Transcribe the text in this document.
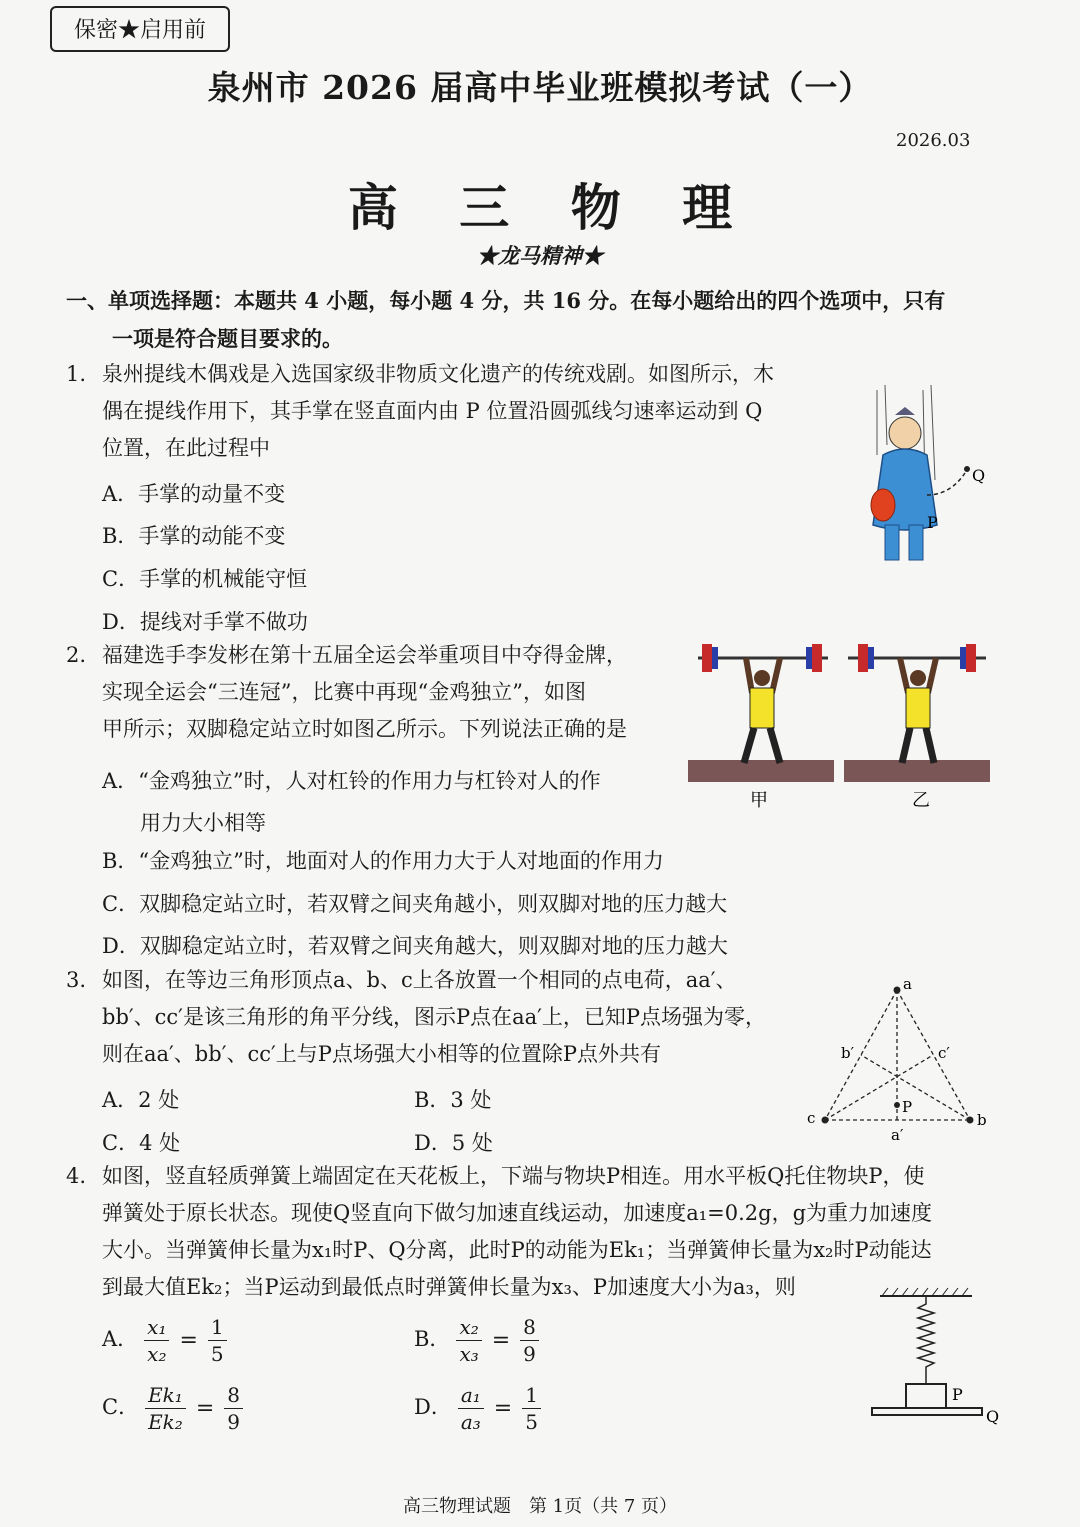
保密★启用前
泉州市 2026 届高中毕业班模拟考试（一）
2026.03
高 三 物 理
★龙马精神★
一、单项选择题：本题共 4 小题，每小题 4 分，共 16 分。在每小题给出的四个选项中，只有
一项是符合题目要求的。
1. 泉州提线木偶戏是入选国家级非物质文化遗产的传统戏剧。如图所示，木
偶在提线作用下，其手掌在竖直面内由 P 位置沿圆弧线匀速率运动到 Q
位置，在此过程中
A．手掌的动量不变
B．手掌的动能不变
C．手掌的机械能守恒
D．提线对手掌不做功
Q
P
2. 福建选手李发彬在第十五届全运会举重项目中夺得金牌，
实现全运会“三连冠”，比赛中再现“金鸡独立”，如图
甲所示；双脚稳定站立时如图乙所示。下列说法正确的是
A．“金鸡独立”时，人对杠铃的作用力与杠铃对人的作
用力大小相等
B．“金鸡独立”时，地面对人的作用力大于人对地面的作用力
C．双脚稳定站立时，若双臂之间夹角越小，则双脚对地的压力越大
D．双脚稳定站立时，若双臂之间夹角越大，则双脚对地的压力越大
甲	乙
3. 如图，在等边三角形顶点a、b、c上各放置一个相同的点电荷，aa′、
bb′、cc′是该三角形的角平分线，图示P点在aa′上，已知P点场强为零，
则在aa′、bb′、cc′上与P点场强大小相等的位置除P点外共有
A．2 处	B．3 处
C．4 处	D．5 处
a
b
c
a′
b′	c′
P
4. 如图，竖直轻质弹簧上端固定在天花板上，下端与物块P相连。用水平板Q托住物块P，使
弹簧处于原长状态。现使Q竖直向下做匀加速直线运动，加速度a₁=0.2g，g为重力加速度
大小。当弹簧伸长量为x₁时P、Q分离，此时P的动能为Ek₁；当弹簧伸长量为x₂时P动能达
到最大值Ek₂；当P运动到最低点时弹簧伸长量为x₃、P加速度大小为a₃，则
A． $\frac{\text{x₁}}{\text{x₂}} = \frac{1}{5}$	B． $\frac{\text{x₂}}{\text{x₃}} = \frac{8}{9}$
C． $\frac{\text{Ek₁}}{\text{Ek₂}} = \frac{8}{9}$	D． $\frac{\text{a₁}}{\text{a₃}} = \frac{1}{5}$	P
Q
高三物理试题　第 1页（共 7 页）
